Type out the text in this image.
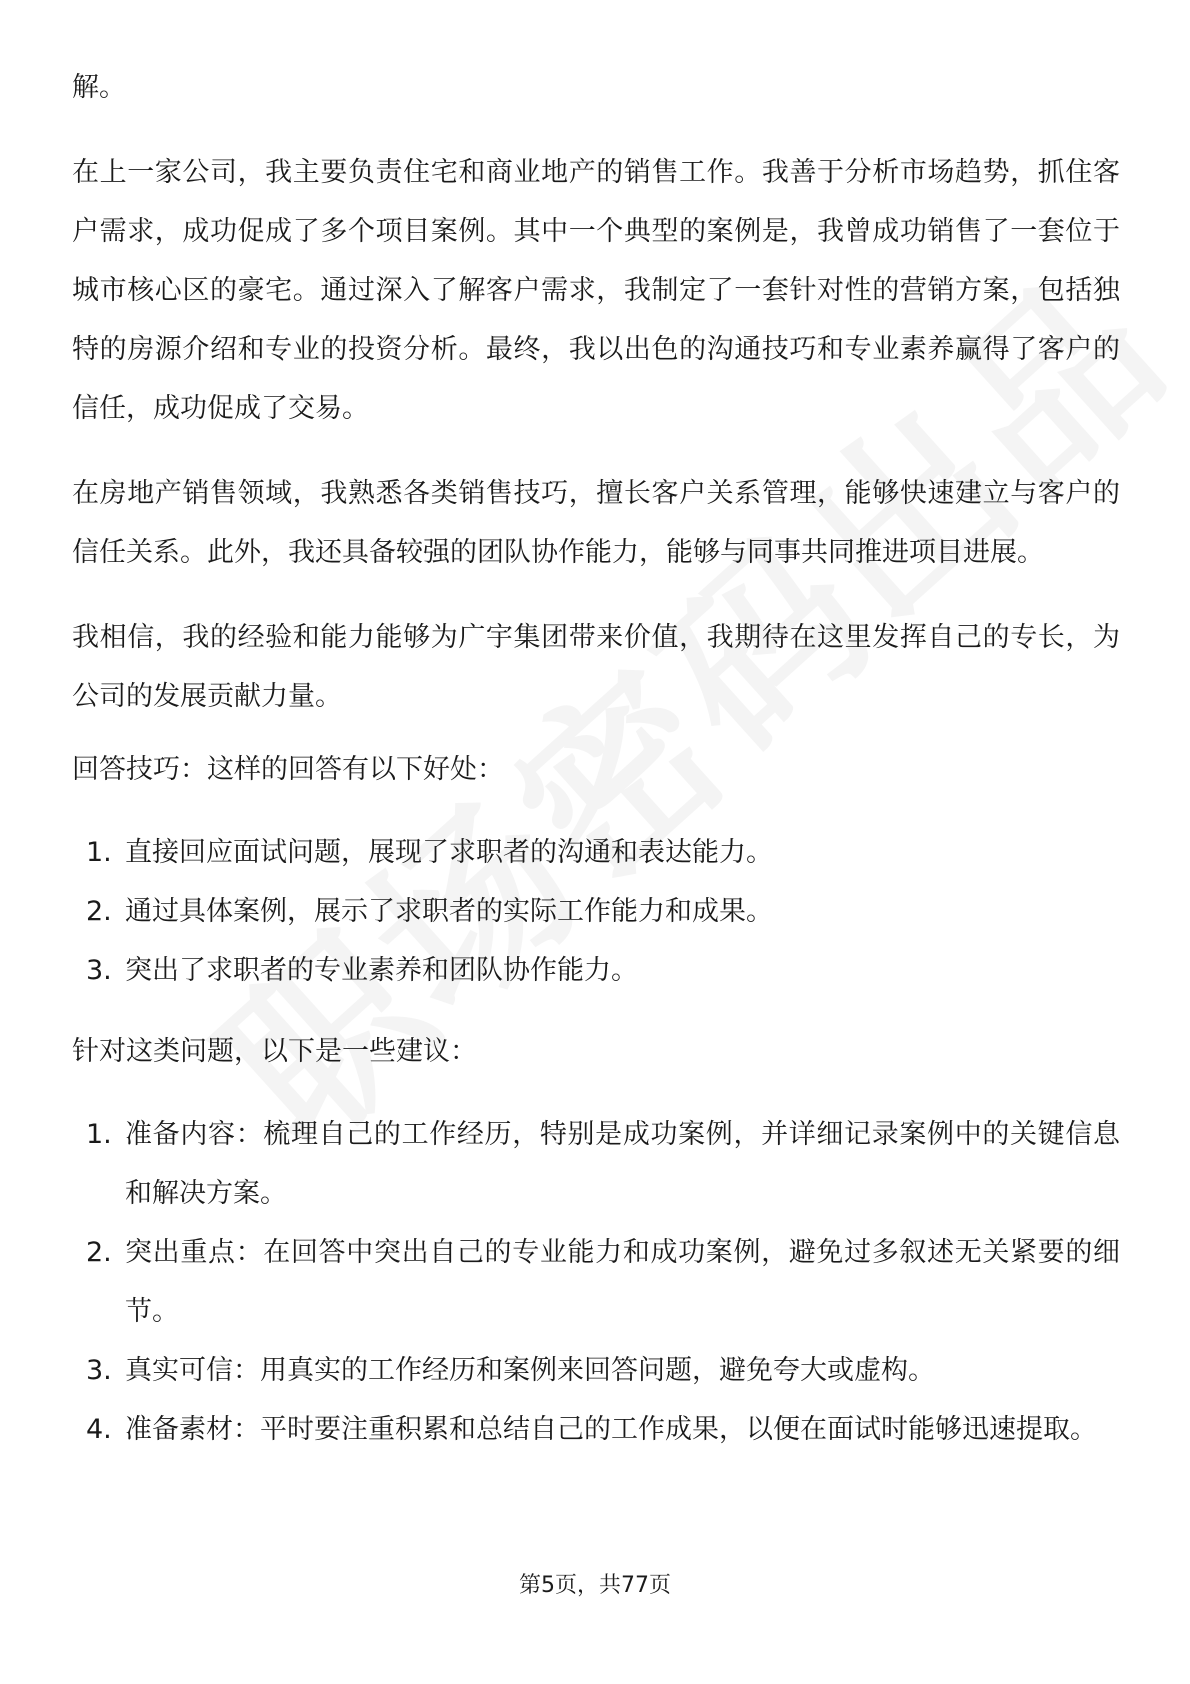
解。

在上一家公司，我主要负责住宅和商业地产的销售工作。我善于分析市场趋势，抓住客户需求，成功促成了多个项目案例。其中一个典型的案例是，我曾成功销售了一套位于城市核心区的豪宅。通过深入了解客户需求，我制定了一套针对性的营销方案，包括独特的房源介绍和专业的投资分析。最终，我以出色的沟通技巧和专业素养赢得了客户的信任，成功促成了交易。

在房地产销售领域，我熟悉各类销售技巧，擅长客户关系管理，能够快速建立与客户的信任关系。此外，我还具备较强的团队协作能力，能够与同事共同推进项目进展。

我相信，我的经验和能力能够为广宇集团带来价值，我期待在这里发挥自己的专长，为公司的发展贡献力量。

回答技巧：这样的回答有以下好处：

1. 直接回应面试问题，展现了求职者的沟通和表达能力。
2. 通过具体案例，展示了求职者的实际工作能力和成果。
3. 突出了求职者的专业素养和团队协作能力。

针对这类问题，以下是一些建议：

1. 准备内容：梳理自己的工作经历，特别是成功案例，并详细记录案例中的关键信息和解决方案。
2. 突出重点：在回答中突出自己的专业能力和成功案例，避免过多叙述无关紧要的细节。
3. 真实可信：用真实的工作经历和案例来回答问题，避免夸大或虚构。
4. 准备素材：平时要注重积累和总结自己的工作成果，以便在面试时能够迅速提取。
第5页，共77页
